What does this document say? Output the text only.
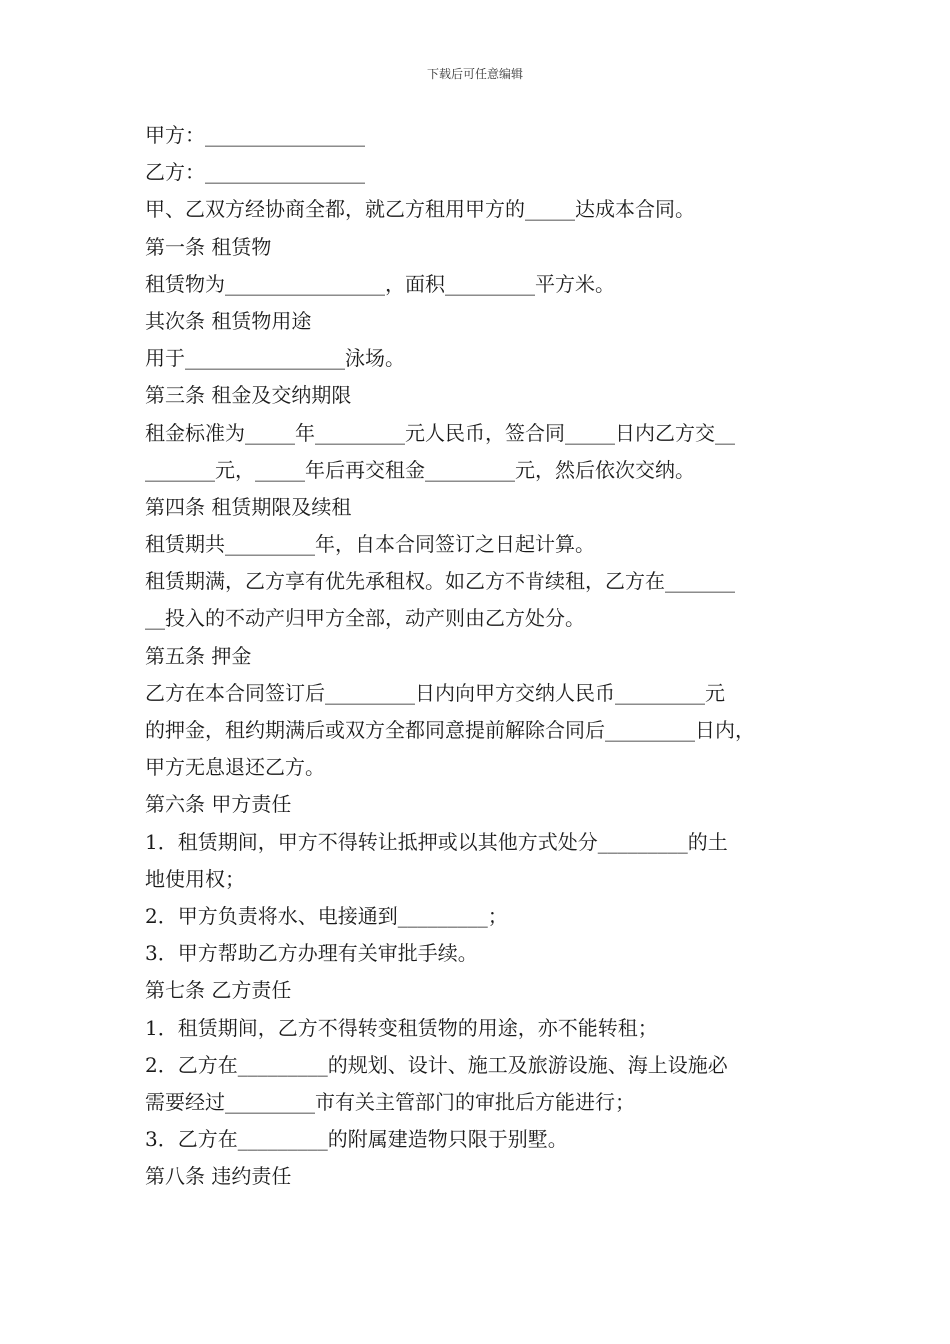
下载后可任意编辑
甲方：________________
乙方：________________
甲、乙双方经协商全都，就乙方租用甲方的_____达成本合同。
第一条 租赁物
租赁物为________________，面积_________平方米。
其次条 租赁物用途
用于________________泳场。
第三条 租金及交纳期限
租金标准为_____年_________元人民币，签合同_____日内乙方交__
_______元，_____年后再交租金_________元，然后依次交纳。
第四条 租赁期限及续租
租赁期共_________年，自本合同签订之日起计算。
租赁期满，乙方享有优先承租权。如乙方不肯续租，乙方在_______
__投入的不动产归甲方全部，动产则由乙方处分。
第五条 押金
乙方在本合同签订后_________日内向甲方交纳人民币_________元
的押金，租约期满后或双方全都同意提前解除合同后_________日内，
甲方无息退还乙方。
第六条 甲方责任
1．租赁期间，甲方不得转让抵押或以其他方式处分_________的土
地使用权；
2．甲方负责将水、电接通到_________；
3．甲方帮助乙方办理有关审批手续。
第七条 乙方责任
1．租赁期间，乙方不得转变租赁物的用途，亦不能转租；
2．乙方在_________的规划、设计、施工及旅游设施、海上设施必
需要经过_________市有关主管部门的审批后方能进行；
3．乙方在_________的附属建造物只限于别墅。
第八条 违约责任
